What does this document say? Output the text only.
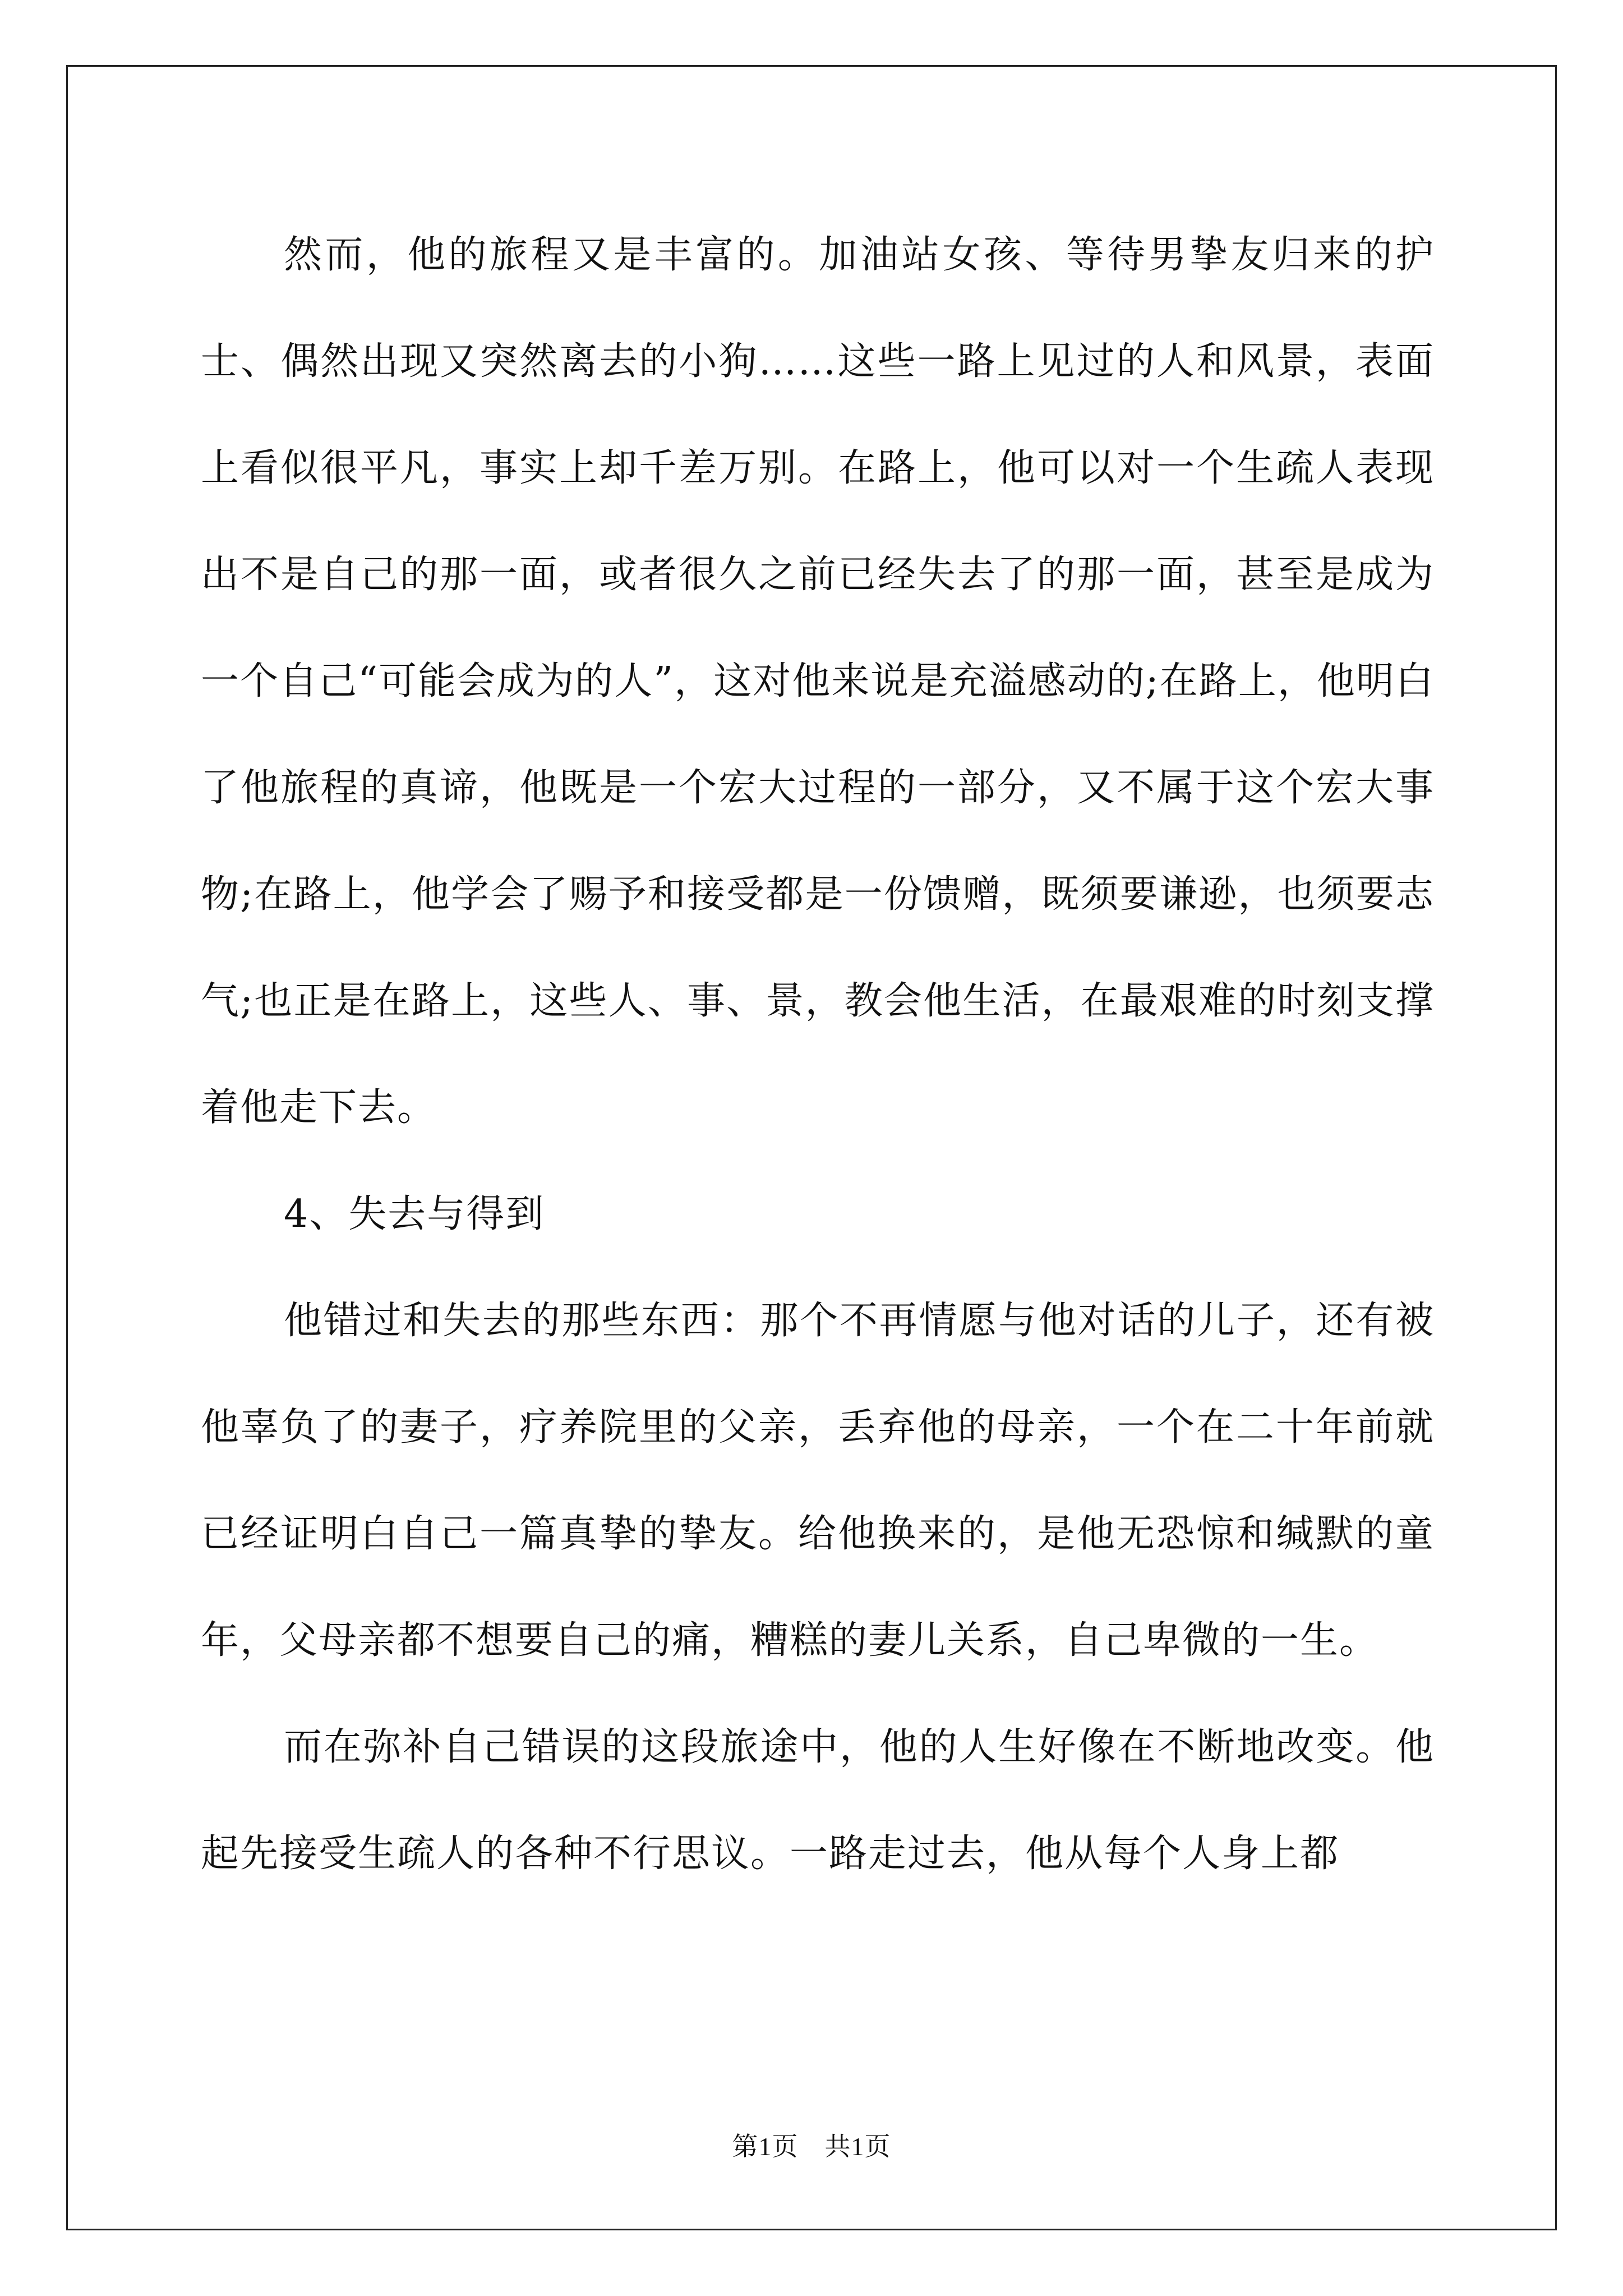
然而，他的旅程又是丰富的。加油站女孩、等待男挚友归来的护士、偶然出现又突然离去的小狗……这些一路上见过的人和风景，表面上看似很平凡，事实上却千差万别。在路上，他可以对一个生疏人表现出不是自己的那一面，或者很久之前已经失去了的那一面，甚至是成为一个自己“可能会成为的人”，这对他来说是充溢感动的;在路上，他明白了他旅程的真谛，他既是一个宏大过程的一部分，又不属于这个宏大事物;在路上，他学会了赐予和接受都是一份馈赠，既须要谦逊，也须要志气;也正是在路上，这些人、事、景，教会他生活，在最艰难的时刻支撑着他走下去。

4、失去与得到

他错过和失去的那些东西：那个不再情愿与他对话的儿子，还有被他辜负了的妻子，疗养院里的父亲，丢弃他的母亲，一个在二十年前就已经证明白自己一篇真挚的挚友。给他换来的，是他无恐惊和缄默的童年，父母亲都不想要自己的痛，糟糕的妻儿关系，自己卑微的一生。

而在弥补自己错误的这段旅途中，他的人生好像在不断地改变。他起先接受生疏人的各种不行思议。一路走过去，他从每个人身上都

第1页　共1页
